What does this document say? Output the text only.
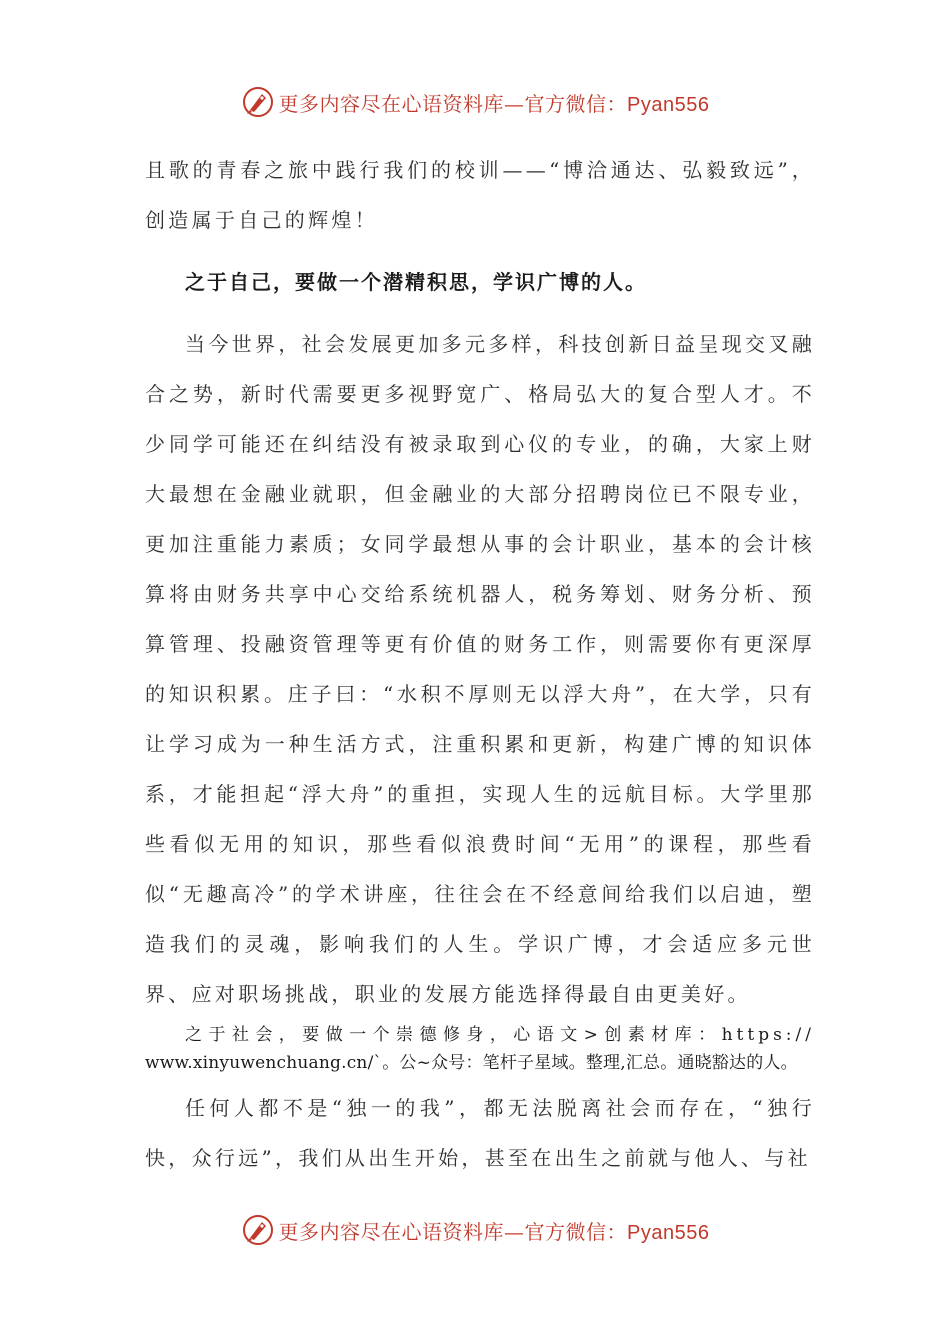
更多内容尽在心语资料库—官方微信：Pyan556

且歌的青春之旅中践行我们的校训——“博洽通达、弘毅致远”，创造属于自己的辉煌！

之于自己，要做一个潜精积思，学识广博的人。

当今世界，社会发展更加多元多样，科技创新日益呈现交叉融合之势，新时代需要更多视野宽广、格局弘大的复合型人才。不少同学可能还在纠结没有被录取到心仪的专业，的确，大家上财大最想在金融业就职，但金融业的大部分招聘岗位已不限专业，更加注重能力素质；女同学最想从事的会计职业，基本的会计核算将由财务共享中心交给系统机器人，税务筹划、财务分析、预算管理、投融资管理等更有价值的财务工作，则需要你有更深厚的知识积累。庄子曰：“水积不厚则无以浮大舟”，在大学，只有让学习成为一种生活方式，注重积累和更新，构建广博的知识体系，才能担起“浮大舟”的重担，实现人生的远航目标。大学里那些看似无用的知识，那些看似浪费时间“无用”的课程，那些看似“无趣高冷”的学术讲座，往往会在不经意间给我们以启迪，塑造我们的灵魂，影响我们的人生。学识广博，才会适应多元世界、应对职场挑战，职业的发展方能选择得最自由更美好。

之于社会，要做一个崇德修身，心语文>创素材库：https://
www.xinyuwenchuang.cn/`。公~众号：笔杆子星域。整理,汇总。通晓豁达的人。

任何人都不是“独一的我”，都无法脱离社会而存在，“独行快，众行远”，我们从出生开始，甚至在出生之前就与他人、与社

更多内容尽在心语资料库—官方微信：Pyan556
